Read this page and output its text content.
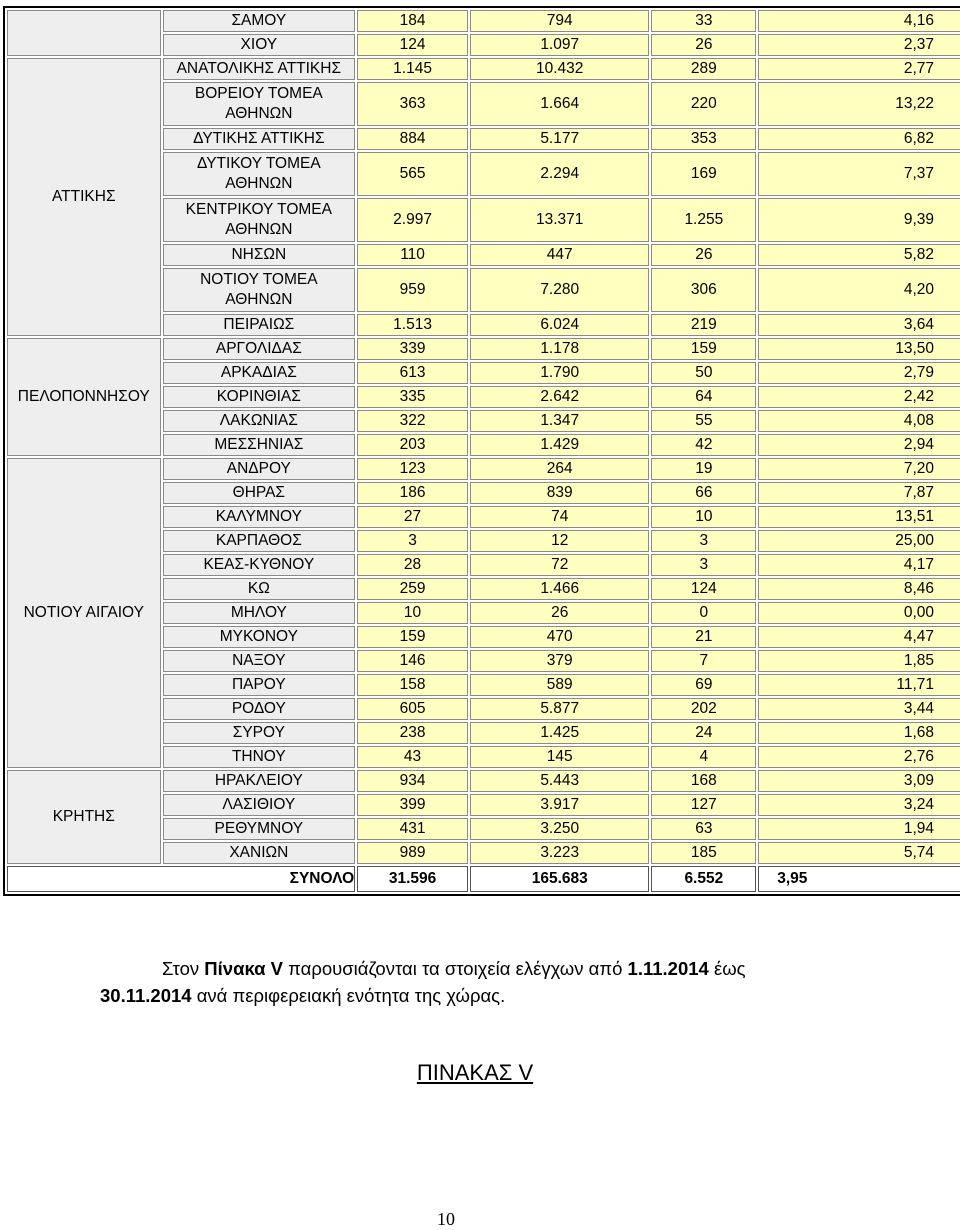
	ΣΑΜΟΥ	184	794	33	4,16
	ΧΙΟΥ	124	1.097	26	2,37
ΑΤΤΙΚΗΣ	ΑΝΑΤΟΛΙΚΗΣ ΑΤΤΙΚΗΣ	1.145	10.432	289	2,77
	ΒΟΡΕΙΟΥ ΤΟΜΕΑ ΑΘΗΝΩΝ	363	1.664	220	13,22
	ΔΥΤΙΚΗΣ ΑΤΤΙΚΗΣ	884	5.177	353	6,82
	ΔΥΤΙΚΟΥ ΤΟΜΕΑ ΑΘΗΝΩΝ	565	2.294	169	7,37
	ΚΕΝΤΡΙΚΟΥ ΤΟΜΕΑ ΑΘΗΝΩΝ	2.997	13.371	1.255	9,39
	ΝΗΣΩΝ	110	447	26	5,82
	ΝΟΤΙΟΥ ΤΟΜΕΑ ΑΘΗΝΩΝ	959	7.280	306	4,20
	ΠΕΙΡΑΙΩΣ	1.513	6.024	219	3,64
ΠΕΛΟΠΟΝΝΗΣΟΥ	ΑΡΓΟΛΙΔΑΣ	339	1.178	159	13,50
	ΑΡΚΑΔΙΑΣ	613	1.790	50	2,79
	ΚΟΡΙΝΘΙΑΣ	335	2.642	64	2,42
	ΛΑΚΩΝΙΑΣ	322	1.347	55	4,08
	ΜΕΣΣΗΝΙΑΣ	203	1.429	42	2,94
ΝΟΤΙΟΥ ΑΙΓΑΙΟΥ	ΑΝΔΡΟΥ	123	264	19	7,20
	ΘΗΡΑΣ	186	839	66	7,87
	ΚΑΛΥΜΝΟΥ	27	74	10	13,51
	ΚΑΡΠΑΘΟΣ	3	12	3	25,00
	ΚΕΑΣ-ΚΥΘΝΟΥ	28	72	3	4,17
	ΚΩ	259	1.466	124	8,46
	ΜΗΛΟΥ	10	26	0	0,00
	ΜΥΚΟΝΟΥ	159	470	21	4,47
	ΝΑΞΟΥ	146	379	7	1,85
	ΠΑΡΟΥ	158	589	69	11,71
	ΡΟΔΟΥ	605	5.877	202	3,44
	ΣΥΡΟΥ	238	1.425	24	1,68
	ΤΗΝΟΥ	43	145	4	2,76
ΚΡΗΤΗΣ	ΗΡΑΚΛΕΙΟΥ	934	5.443	168	3,09
	ΛΑΣΙΘΙΟΥ	399	3.917	127	3,24
	ΡΕΘΥΜΝΟΥ	431	3.250	63	1,94
	ΧΑΝΙΩΝ	989	3.223	185	5,74
ΣΥΝΟΛΟ		31.596	165.683	6.552	3,95
Στον Πίνακα V παρουσιάζονται τα στοιχεία ελέγχων από 1.11.2014 έως
30.11.2014 ανά περιφερειακή ενότητα της χώρας.
ΠΙΝΑΚΑΣ V
10
